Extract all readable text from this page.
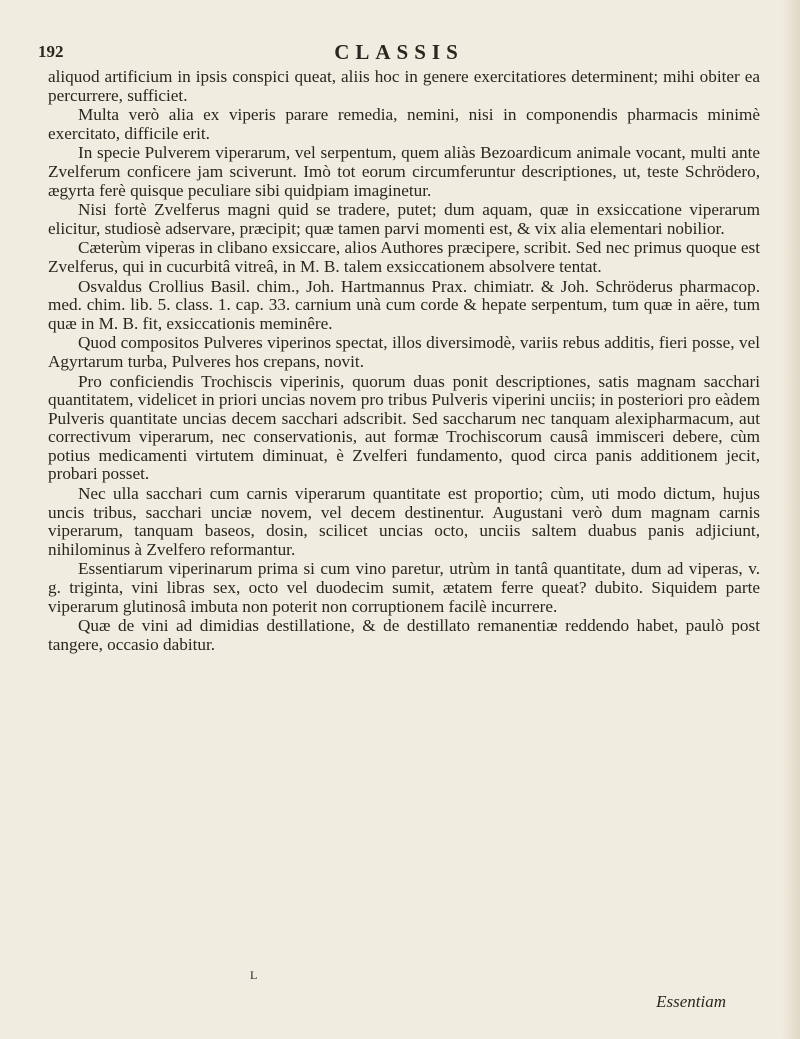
192	CLASSIS

aliquod artificium in ipsis conspici queat, aliis hoc in genere exercitatiores determinent; mihi obiter ea percurrere, sufficiet.

Multa verò alia ex viperis parare remedia, nemini, nisi in componendis pharmacis minimè exercitato, difficile erit.

In specie Pulverem viperarum, vel serpentum, quem aliàs Bezoardicum animale vocant, multi ante Zvelferum conficere jam sciverunt. Imò tot eorum circumferuntur descriptiones, ut, teste Schrödero, ægyrta ferè quisque peculiare sibi quidpiam imaginetur.

Nisi fortè Zvelferus magni quid se tradere, putet; dum aquam, quæ in exsiccatione viperarum elicitur, studiosè adservare, præcipit; quæ tamen parvi momenti est, & vix alia elementari nobilior.

Cæterùm viperas in clibano exsiccare, alios Authores præcipere, scribit. Sed nec primus quoque est Zvelferus, qui in cucurbitâ vitreâ, in M. B. talem exsiccationem absolvere tentat.

Osvaldus Crollius Basil. chim., Joh. Hartmannus Prax. chimiatr. & Joh. Schröderus pharmacop. med. chim. lib. 5. class. 1. cap. 33. carnium unà cum corde & hepate serpentum, tum quæ in aëre, tum quæ in M. B. fit, exsiccationis meminêre.

Quod compositos Pulveres viperinos spectat, illos diversimodè, variis rebus additis, fieri posse, vel Agyrtarum turba, Pulveres hos crepans, novit.

Pro conficiendis Trochiscis viperinis, quorum duas ponit descriptiones, satis magnam sacchari quantitatem, videlicet in priori uncias novem pro tribus Pulveris viperini unciis; in posteriori pro eàdem Pulveris quantitate uncias decem sacchari adscribit. Sed saccharum nec tanquam alexipharmacum, aut correctivum viperarum, nec conservationis, aut formæ Trochiscorum causâ immisceri debere, cùm potius medicamenti virtutem diminuat, è Zvelferi fundamento, quod circa panis additionem jecit, probari posset.

Nec ulla sacchari cum carnis viperarum quantitate est proportio; cùm, uti modo dictum, hujus uncis tribus, sacchari unciæ novem, vel decem destinentur. Augustani verò dum magnam carnis viperarum, tanquam baseos, dosin, scilicet uncias octo, unciis saltem duabus panis adjiciunt, nihilominus à Zvelfero reformantur.

Essentiarum viperinarum prima si cum vino paretur, utrùm in tantâ quantitate, dum ad viperas, v. g. triginta, vini libras sex, octo vel duodecim sumit, ætatem ferre queat? dubito. Siquidem parte viperarum glutinosâ imbuta non poterit non corruptionem facilè incurrere.

Quæ de vini ad dimidias destillatione, & de destillato remanentiæ reddendo habet, paulò post tangere, occasio dabitur.

L
Essentiam
